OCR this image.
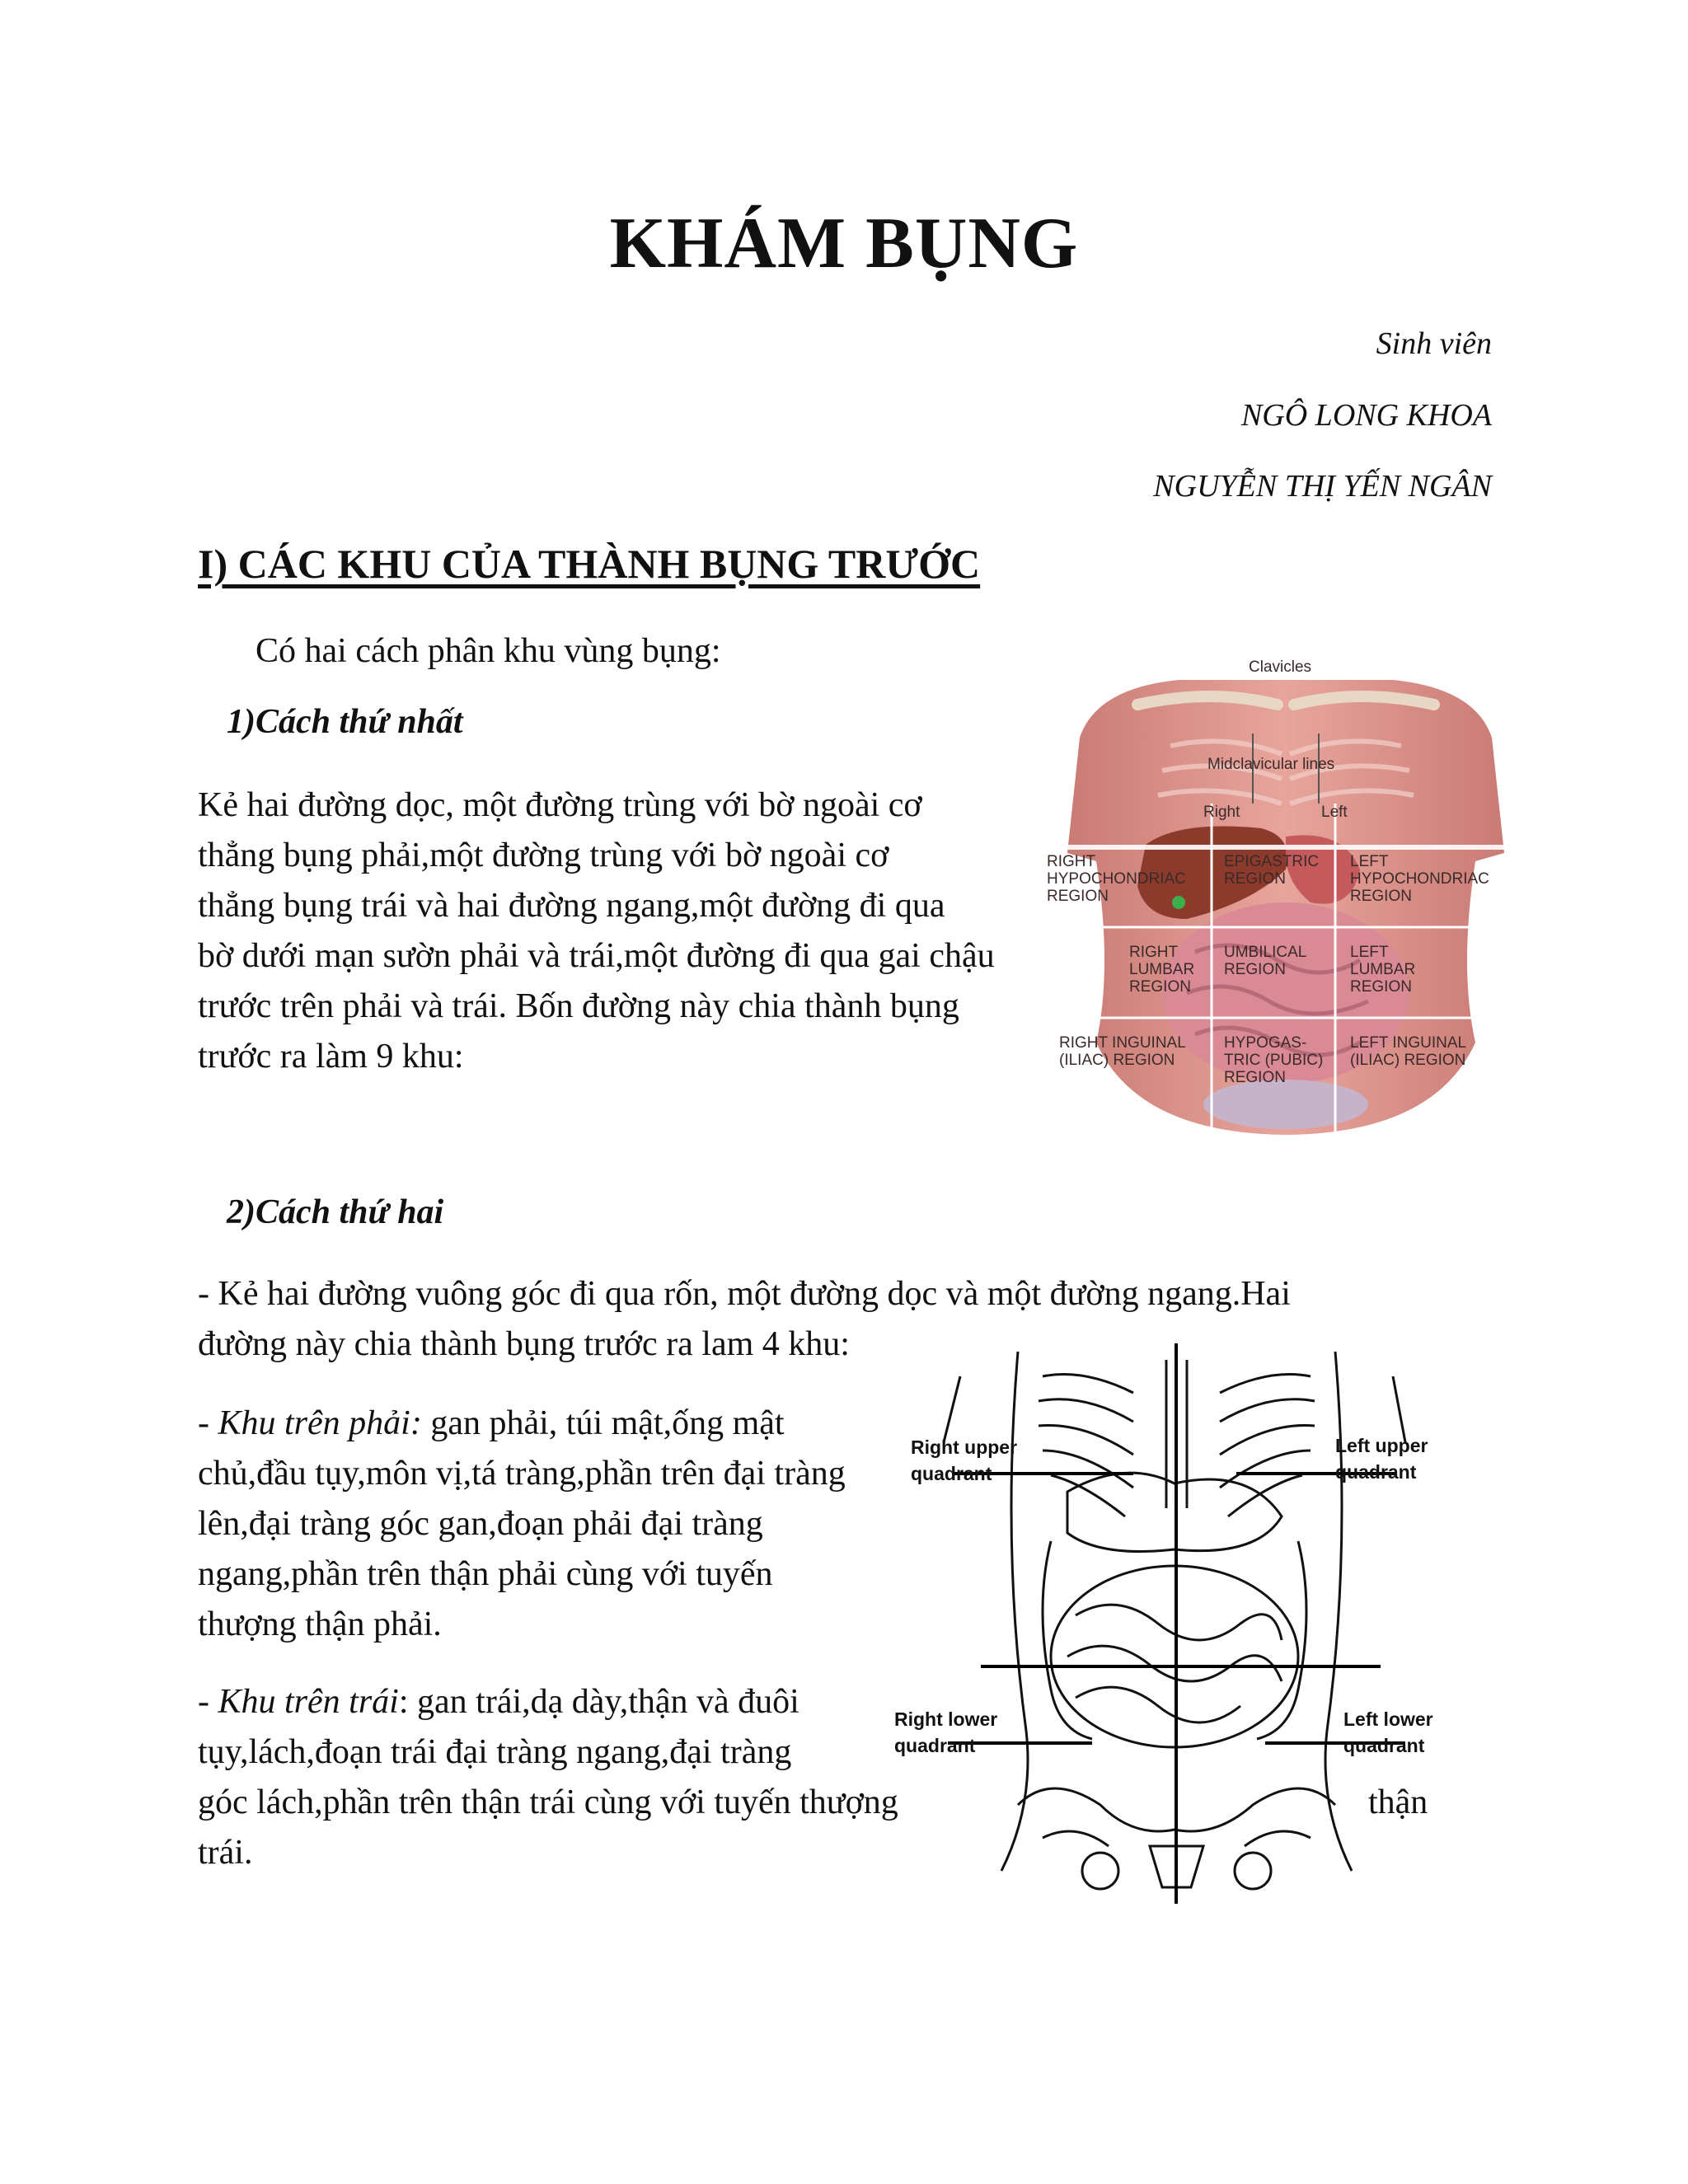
KHÁM BỤNG
Sinh viên
NGÔ LONG KHOA
NGUYỄN THỊ YẾN NGÂN
I) CÁC KHU CỦA THÀNH BỤNG TRƯỚC
Có hai cách phân khu vùng bụng:
1)Cách thứ nhất
Kẻ hai đường dọc, một đường trùng với bờ ngoài cơ
thẳng bụng phải,một đường trùng với bờ ngoài cơ
thẳng bụng trái và hai đường ngang,một đường đi qua
bờ dưới mạn sườn phải và trái,một đường đi qua gai chậu
trước trên phải và trái. Bốn đường này chia thành bụng
trước ra làm 9 khu:
Clavicles
Midclavicular lines
Right	Left
RIGHT
HYPOCHONDRIAC
REGION
EPIGASTRIC
REGION
LEFT
HYPOCHONDRIAC
REGION
RIGHT
LUMBAR
REGION
UMBILICAL
REGION
LEFT
LUMBAR
REGION
RIGHT INGUINAL
(ILIAC) REGION
HYPOGAS-
TRIC (PUBIC)
REGION
LEFT INGUINAL
(ILIAC) REGION
2)Cách thứ hai
- Kẻ hai đường vuông góc đi qua rốn, một đường dọc và một đường ngang.Hai
đường này chia thành bụng trước ra lam 4 khu:
- Khu trên phải: gan phải, túi mật,ống mật
chủ,đầu tụy,môn vị,tá tràng,phần trên đại tràng
lên,đại tràng góc gan,đoạn phải đại tràng
ngang,phần trên thận phải cùng với tuyến
thượng thận phải.
- Khu trên trái: gan trái,dạ dày,thận và đuôi
tụy,lách,đoạn trái đại tràng ngang,đại tràng
góc lách,phần trên thận trái cùng với tuyến thượng	thận
trái.
Right upper
quadrant
Left upper
quadrant
Right lower
quadrant
Left lower
quadrant
